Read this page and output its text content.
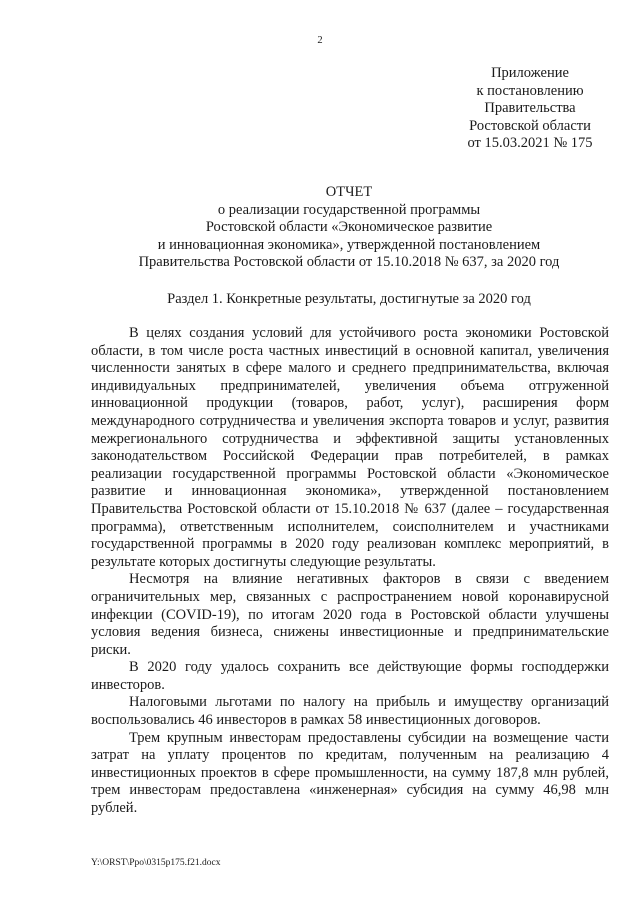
2
Приложение
к постановлению
Правительства
Ростовской области
от 15.03.2021 № 175
ОТЧЕТ
о реализации государственной программы
Ростовской области «Экономическое развитие
и инновационная экономика», утвержденной постановлением
Правительства Ростовской области от 15.10.2018 № 637, за 2020 год
Раздел 1. Конкретные результаты, достигнутые за 2020 год

В целях создания условий для устойчивого роста экономики Ростовской области, в том числе роста частных инвестиций в основной капитал, увеличения численности занятых в сфере малого и среднего предпринимательства, включая индивидуальных предпринимателей, увеличения объема отгруженной инновационной продукции (товаров, работ, услуг), расширения форм международного сотрудничества и увеличения экспорта товаров и услуг, развития межрегионального сотрудничества и эффективной защиты установленных законодательством Российской Федерации прав потребителей, в рамках реализации государственной программы Ростовской области «Экономическое развитие и инновационная экономика», утвержденной постановлением Правительства Ростовской области от 15.10.2018 № 637 (далее – государственная программа), ответственным исполнителем, соисполнителем и участниками государственной программы в 2020 году реализован комплекс мероприятий, в результате которых достигнуты следующие результаты.

Несмотря на влияние негативных факторов в связи с введением ограничительных мер, связанных с распространением новой коронавирусной инфекции (COVID-19), по итогам 2020 года в Ростовской области улучшены условия ведения бизнеса, снижены инвестиционные и предпринимательские риски.

В 2020 году удалось сохранить все действующие формы господдержки инвесторов.

Налоговыми льготами по налогу на прибыль и имуществу организаций воспользовались 46 инвесторов в рамках 58 инвестиционных договоров.

Трем крупным инвесторам предоставлены субсидии на возмещение части затрат на уплату процентов по кредитам, полученным на реализацию 4 инвестиционных проектов в сфере промышленности, на сумму 187,8 млн рублей, трем инвесторам предоставлена «инженерная» субсидия на сумму 46,98 млн рублей.

Y:\ORST\Ppo\0315p175.f21.docx
